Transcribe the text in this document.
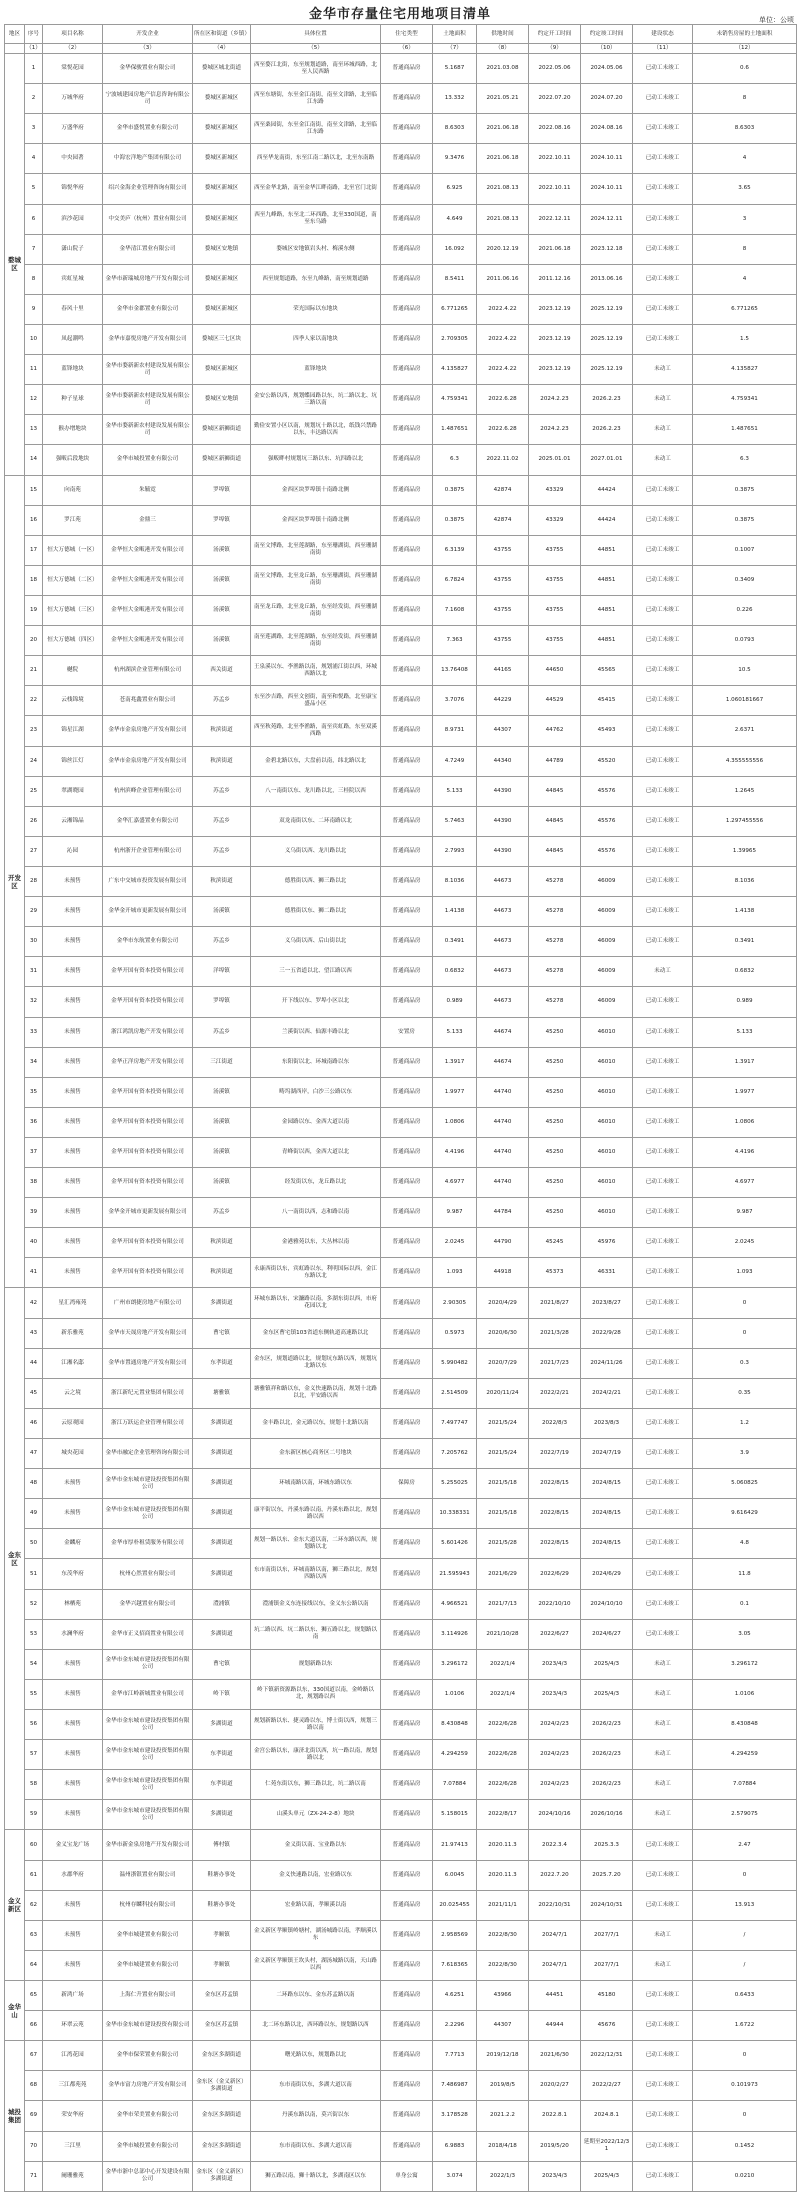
金华市存量住宅用地项目清单	单位：公顷
地区	序号	项目名称	开发企业	所在区和街道（乡镇）	具体位置	住宅类型	土地面积	供地时间	约定开工时间	约定竣工时间	建设状态	未销售房屋的土地面积
	（1）	（2）	（3）	（4）	（5）	（6）	（7）	（8）	（9）	（10）	（11）	（12）
婺城区	1	棠悦花园	金华保骏置业有限公司	婺城区城北街道	西至婺江北街，东至规划道路，南至环城西路，北至人民西路	普通商品房	5.1687	2021.03.08	2022.05.06	2024.05.06	已动工未竣工	0.6
	2	万城华府	宁波城建园房地产信息咨询有限公司	婺城区新城区	西至东塘街，东至金江南街，南至文津路，北至临江东路	普通商品房	13.332	2021.05.21	2022.07.20	2024.07.20	已动工未竣工	8
	3	万盛华府	金华市盛悦置业有限公司	婺城区新城区	西至桑园街，东至金江南街，南至文津路，北至临江东路	普通商品房	8.6303	2021.06.18	2022.08.16	2024.08.16	已动工未竣工	8.6303
	4	中央园著	中海宏洋地产集团有限公司	婺城区新城区	西至华龙南街，东至江南二路以北，北至东南路	普通商品房	9.3476	2021.06.18	2022.10.11	2024.10.11	已动工未竣工	4
	5	锦悦华府	绍兴金海企业管理咨询有限公司	婺城区新城区	西至金华北路，南至金华江畔南路，北至官门北街	普通商品房	6.925	2021.08.13	2022.10.11	2024.10.11	已动工未竣工	3.65
	6	滨沙花园	中交美庐（杭州）置业有限公司	婺城区新城区	西至九峰路，东至北二环西路，北至330国道，南至东乌路	普通商品房	4.649	2021.08.13	2022.12.11	2024.12.11	已动工未竣工	3
	7	潇山院子	金华清江置业有限公司	婺城区安地镇	婺城区安地镇岩头村、梅溪东侧	普通商品房	16.092	2020.12.19	2021.06.18	2023.12.18	已动工未竣工	8
	8	宾虹星城	金华市新瑞城房地产开发有限公司	婺城区新城区	西至规划道路，东至九峰路，南至规划道路	普通商品房	8.5411	2011.06.16	2011.12.16	2013.06.16	已动工未竣工	4
	9	春风十里	金华市金郡置业有限公司	婺城区新城区	荣光国际以东地块	普通商品房	6.771265	2022.4.22	2023.12.19	2025.12.19	已动工未竣工	6.771265
	10	凤起潮鸣	金华市嘉悦房地产开发有限公司	婺城区三七区块	四季人家以南地块	普通商品房	2.709305	2022.4.22	2023.12.19	2025.12.19	已动工未竣工	1.5
	11	蓝锋地块	金华市婺新新农村建设发展有限公司	婺城区新城区	蓝锋地块	普通商品房	4.135827	2022.4.22	2023.12.19	2025.12.19	未动工	4.135827
	12	种子星球	金华市婺新新农村建设发展有限公司	婺城区安地镇	金安公路以西，规划蝶园路以东，坑二路以北、坑三路以南	普通商品房	4.759341	2022.6.28	2024.2.23	2026.2.23	未动工	4.759341
	13	猴办增地块	金华市婺新新农村建设发展有限公司	婺城区新狮街道	勤俭安置小区以南，规划坑十路以北，纸钱兴禁路以东，丰达路以西	普通商品房	1.487651	2022.6.28	2024.2.23	2026.2.23	未动工	1.487651
	14	强畈后段地块	金华市城投置业有限公司	婺城区新狮街道	强畈畔村规划坑三路以东、坑四路以北	普通商品房	6.3	2022.11.02	2025.01.01	2027.01.01	未动工	6.3
开发区	15	向南苑	朱毓霓	罗埠镇	金西区块罗埠镇十南路北侧	普通商品房	0.3875	42874	43329	44424	已动工未竣工	0.3875
	16	罗江苑	金鼎三	罗埠镇	金西区块罗埠镇十南路北侧	普通商品房	0.3875	42874	43329	44424	已动工未竣工	0.3875
	17	恒大万德城（一区）	金华恒大金畈港开发有限公司	汤溪镇	南至文博路，北至莲湖路，东至珊湖街，西至珊湖南街	普通商品房	6.3139	43755	43755	44851	已动工未竣工	0.1007
	18	恒大万德城（二区）	金华恒大金畈港开发有限公司	汤溪镇	南至文博路，北至龙丘路，东至珊湖街，西至珊湖南街	普通商品房	6.7824	43755	43755	44851	已动工未竣工	0.3409
	19	恒大万德城（三区）	金华恒大金畈港开发有限公司	汤溪镇	南至龙丘路，北至龙丘路，东至经发街，西至珊湖南街	普通商品房	7.1608	43755	43755	44851	已动工未竣工	0.226
	20	恒大万德城（四区）	金华恒大金畈港开发有限公司	汤溪镇	南至莲湖路，北至莲湖路，东至经发街，西至珊湖南街	普通商品房	7.363	43755	43755	44851	已动工未竣工	0.0793
	21	樾院	杭州湖滨企业管理有限公司	西关街道	王泉溪以东、李渔路以南，规划浦江街以西，环城西路以北	普通商品房	13.76408	44165	44650	45565	已动工未竣工	10.5
	22	云栈锦境	苍南兆鑫置业有限公司	苏孟乡	东至沙吉路，西至文创街，南至和悦路，北至康宝盛品小区	普通商品房	3.7076	44229	44529	45415	已动工未竣工	1.060181667
	23	锦星江湖	金华市金泉房地产开发有限公司	秋滨街道	西至秋苑路，北至李渔路，南至宾虹路，东至双溪西路	普通商品房	8.9731	44307	44762	45493	已动工未竣工	2.6371
	24	锦丝江灯	金华市金泉房地产开发有限公司	秋滨街道	金碧北路以东，大盘前以南，纬北路以北	普通商品房	4.7249	44340	44789	45520	已动工未竣工	4.355555556
	25	翠湖晓园	杭州滨峰企业管理有限公司	苏孟乡	八一南街以东、龙川路以北，三桂院以西	普通商品房	5.133	44390	44845	45576	已动工未竣工	1.2645
	26	云湘锦晶	金华汇嘉盛置业有限公司	苏孟乡	双龙南街以东、二环南路以北	普通商品房	5.7463	44390	44845	45576	已动工未竣工	1.297455556
	27	沁园	杭州浙开企业管理有限公司	苏孟乡	义乌街以西、龙川路以北	普通商品房	2.7993	44390	44845	45576	已动工未竣工	1.39965
	28	未预售	广东中交城市投资发展有限公司	秋滨街道	德胜街以西、狮三路以北	普通商品房	8.1036	44673	45278	46009	已动工未竣工	8.1036
	29	未预售	金华金开城市更新发展有限公司	汤溪镇	德胜街以东、狮二路以北	普通商品房	1.4138	44673	45278	46009	已动工未竣工	1.4138
	30	未预售	金华市东航置业有限公司	苏孟乡	义乌街以西、后山街以北	普通商品房	0.3491	44673	45278	46009	已动工未竣工	0.3491
	31	未预售	金华开国有资本投资有限公司	洋埠镇	三一五省道以北、望江路以西	普通商品房	0.6832	44673	45278	46009	未动工	0.6832
	32	未预售	金华开国有资本投资有限公司	罗埠镇	开下线以东、罗埠小区以北	普通商品房	0.989	44673	45278	46009	已动工未竣工	0.989
	33	未预售	浙江鸿凯房地产开发有限公司	苏孟乡	兰溪街以西、仙源丰路以北	安置房	5.133	44674	45250	46010	已动工未竣工	5.133
	34	未预售	金华正洋房地产开发有限公司	三江街道	东阳街以北、环城南路以东	普通商品房	1.3917	44674	45250	46010	已动工未竣工	1.3917
	35	未预售	金华开国有资本投资有限公司	汤溪镇	畴坞湖西岸，白沙三公路以东	普通商品房	1.9977	44740	45250	46010	已动工未竣工	1.9977
	36	未预售	金华开国有资本投资有限公司	汤溪镇	金园路以东、金西大道以南	普通商品房	1.0806	44740	45250	46010	已动工未竣工	1.0806
	37	未预售	金华开国有资本投资有限公司	汤溪镇	青峰街以西，金西大道以北	普通商品房	4.4196	44740	45250	46010	已动工未竣工	4.4196
	38	未预售	金华开国有资本投资有限公司	汤溪镇	经发街以东，龙丘路以北	普通商品房	4.6977	44740	45250	46010	已动工未竣工	4.6977
	39	未预售	金华金开城市更新发展有限公司	苏孟乡	八一南街以西，志和路以南	普通商品房	9.987	44784	45250	46010	已动工未竣工	9.987
	40	未预售	金华开国有资本投资有限公司	秋滨街道	金港雅苑以东，大丛林以南	普通商品房	2.0245	44790	45245	45976	已动工未竣工	2.0245
	41	未预售	金华开国有资本投资有限公司	秋滨街道	永康西街以东，宾虹路以东，利明国际以西，金江东路以北	普通商品房	1.093	44918	45373	46331	已动工未竣工	1.093
金东区	42	星汇湾雍苑	广州市朗捷房地产有限公司	多湖街道	环城东路以东，宋濂路以南，多湖东街以西，市府花园以北	普通商品房	2.90305	2020/4/29	2021/8/27	2023/8/27	已动工未竣工	0
	43	新乐雅苑	金华市天晟房地产开发有限公司	曹宅镇	金东区曹宅镇103省道东侧轨道高速路以北	普通商品房	0.5973	2020/6/30	2021/3/28	2022/9/28	已动工未竣工	0
	44	江湘名邸	金华市置通房地产开发有限公司	东孝街道	金东区，规划道路以北，规划坑东路以西，规划坑北路以东	普通商品房	5.990482	2020/7/29	2021/7/23	2024/11/26	已动工未竣工	0.3
	45	云之境	浙江新纪元置业集团有限公司	塘雅镇	塘雅镇祥和路以东，金义快速路以南，规划十北路以北，平安路以西	普通商品房	2.514509	2020/11/24	2022/2/21	2024/2/21	已动工未竣工	0.35
	46	云原观园	浙江万跃运企业管理有限公司	多湖街道	金丰路以北，金元路以东，规划十北路以南	普通商品房	7.497747	2021/5/24	2022/8/3	2023/8/3	已动工未竣工	1.2
	47	城央花园	金华市融定企业管理咨询有限公司	多湖街道	金东新区核心商务区二号地块	普通商品房	7.205762	2021/5/24	2022/7/19	2024/7/19	已动工未竣工	3.9
	48	未预售	金华市金东城市建设投资集团有限公司	多湖街道	环城南路以南，环城东路以东	保障房	5.255025	2021/5/18	2022/8/15	2024/8/15	已动工未竣工	5.060825
	49	未预售	金华市金东城市建设投资集团有限公司	多湖街道	康平街以东，丹溪东路以南，丹溪东路以北，规划路以西	普通商品房	10.338331	2021/5/18	2022/8/15	2024/8/15	已动工未竣工	9.616429
	50	金麟府	金华市厚朴租赁服务有限公司	多湖街道	规划一路以东、金东大道以南，二环东路以西，规划路以北	普通商品房	5.601426	2021/5/28	2022/8/15	2024/8/15	已动工未竣工	4.8
	51	东茂华府	杭州心然置业有限公司	多湖街道	东市南街以东，环城南路以南，狮三路以北，规划四路以西	普通商品房	21.595943	2021/6/29	2022/6/29	2024/6/29	已动工未竣工	11.8
	52	林栖苑	金华兴越置业有限公司	澧浦镇	澧浦镇金义东连接线以东，金义东公路以南	普通商品房	4.966521	2021/7/13	2022/10/10	2024/10/10	已动工未竣工	0.1
	53	水澜华府	金华市正义招商置业有限公司	多湖街道	坑二路以西、坑二路以东、狮五路以北，规划路以南	普通商品房	3.114926	2021/10/28	2022/6/27	2024/6/27	已动工未竣工	3.05
	54	未预售	金华市金东城市建设投资集团有限公司	曹宅镇	规划新路以东	普通商品房	3.296172	2022/1/4	2023/4/3	2025/4/3	未动工	3.296172
	55	未预售	金华市江岭新城置业有限公司	岭下镇	岭下镇新资源路以东，330国道以南，金岭路以北，规划路以西	普通商品房	1.0106	2022/1/4	2023/4/3	2025/4/3	未动工	1.0106
	56	未预售	金华市金东城市建设投资集团有限公司	多湖街道	规划新路以东、捷灵路以东，博士街以西，规划三路以南	普通商品房	8.430848	2022/6/28	2024/2/23	2026/2/23	未动工	8.430848
	57	未预售	金华市金东城市建设投资集团有限公司	东孝街道	金宫公路以东，康济北街以西，坑一路以南，规划路以北	普通商品房	4.294259	2022/6/28	2024/2/23	2026/2/23	未动工	4.294259
	58	未预售	金华市金东城市建设投资集团有限公司	东孝街道	仁苑东街以东，狮三路以北，坑二路以南	普通商品房	7.07884	2022/6/28	2024/2/23	2026/2/23	未动工	7.07884
	59	未预售	金华市金东城市建设投资集团有限公司	多湖街道	山溪头单元（ZX-24-2-8）地块	普通商品房	5.158015	2022/8/17	2024/10/16	2026/10/16	未动工	2.579075
金义新区	60	金义宝龙广场	金华市新金泉房地产开发有限公司	傅村镇	金义街以南、宝业路以东	普通商品房	21.97413	2020.11.3	2022.3.4	2025.3.3	已动工未竣工	2.47
	61	水郡华府	温州浙银置业有限公司	鞋塘办事处	金义快速路以南，宏业路以东	普通商品房	6.0045	2020.11.3	2022.7.20	2025.7.20	已动工未竣工	0
	62	未预售	杭州存麟科技有限公司	鞋塘办事处	宏业路以南，孝顺溪以南	普通商品房	20.025455	2021/11/1	2022/10/31	2024/10/31	已动工未竣工	13.913
	63	未预售	金华市城建置业有限公司	孝顺镇	金义新区孝顺镇岭塘村，湖汤城路以南，孝顺溪以东	普通商品房	2.958569	2022/8/30	2024/7/1	2027/7/1	未动工	/
	64	未预售	金华市城建置业有限公司	孝顺镇	金义新区孝顺镇王坎头村，湖汤城路以南，天山路以西	普通商品房	7.618365	2022/8/30	2024/7/1	2027/7/1	未动工	/
金华山	65	新鸿广场	上海仁升置业有限公司	金东区苏孟镇	二环路东以东、金东苏孟路以南	普通商品房	4.6251	43966	44451	45180	已动工未竣工	0.6433
	66	环翠云苑	金华市金东城市建设投资有限公司	金东区苏孟镇	北二环东路以北，西环路以东，规划路以西	普通商品房	2.2296	44307	44944	45676	已动工未竣工	1.6722
城投集团	67	江湾花园	金华市保荣置业有限公司	金东区多湖街道	曙光路以东，规划路以北	普通商品房	7.7713	2019/12/18	2021/6/30	2022/12/31	已动工未竣工	0
	68	三江都苑苑	金华市富力房地产开发有限公司	金东区（金义新区）多湖街道	东市南街以东，多湖大道以南	普通商品房	7.486987	2019/8/5	2020/2/27	2022/2/27	已动工未竣工	0.101973
	69	荣安华府	金华市荣美置业有限公司	金东区多湖街道	丹溪东路以南，莫兴街以东	普通商品房	3.178528	2021.2.2	2022.8.1	2024.8.1	已动工未竣工	0
	70	三江里	金华市城投置业有限公司	金东区多湖街道	东市南街以东、多湖大道以南	普通商品房	6.9883	2018/4/18	2019/5/20	延期至2022/12/31	已动工未竣工	0.1452
	71	阑珊雅苑	金华市浙中总部中心开发建设有限公司	金东区（金义新区）多湖街道	狮五路以南，狮十路以北，多湖南区以东	单身公寓	3.074	2022/1/3	2023/4/3	2025/4/3	已动工未竣工	0.0210
